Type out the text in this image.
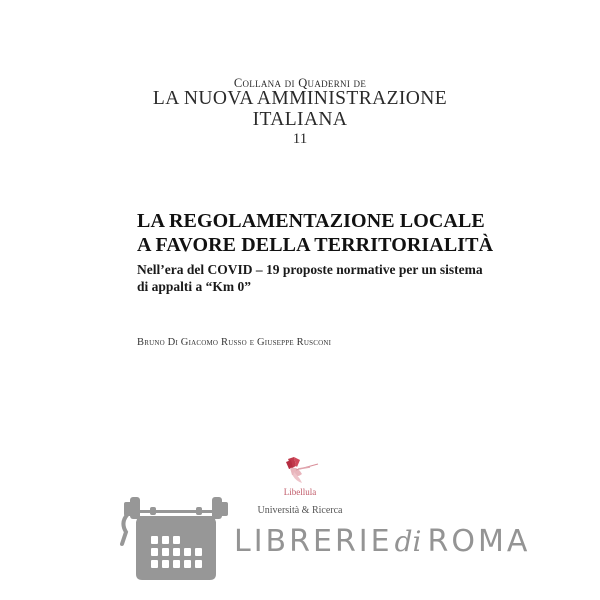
Collana di Quaderni de
LA NUOVA AMMINISTRAZIONE
ITALIANA
11
LA REGOLAMENTAZIONE LOCALE
A FAVORE DELLA TERRITORIALITÀ
Nell’era del COVID – 19 proposte normative per un sistema
di appalti a “Km 0”
Bruno Di Giacomo Russo e Giuseppe Rusconi
Libellula
Università & Ricerca
LIBRERIEdi ROMA
